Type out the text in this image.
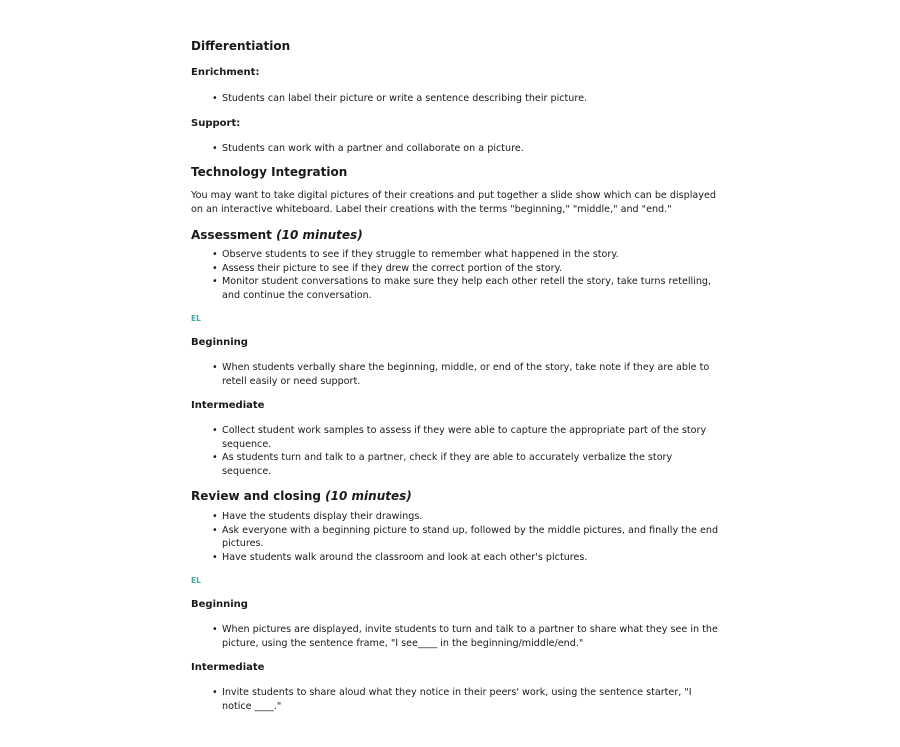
Differentiation
Enrichment:
• Students can label their picture or write a sentence describing their picture.
Support:
• Students can work with a partner and collaborate on a picture.
Technology Integration

You may want to take digital pictures of their creations and put together a slide show which can be displayed on an interactive whiteboard. Label their creations with the terms "beginning," "middle," and "end."

Assessment (10 minutes)
• Observe students to see if they struggle to remember what happened in the story.
• Assess their picture to see if they drew the correct portion of the story.
• Monitor student conversations to make sure they help each other retell the story, take turns retelling, and continue the conversation.
EL
Beginning
• When students verbally share the beginning, middle, or end of the story, take note if they are able to retell easily or need support.
Intermediate
• Collect student work samples to assess if they were able to capture the appropriate part of the story sequence.
• As students turn and talk to a partner, check if they are able to accurately verbalize the story sequence.
Review and closing (10 minutes)
• Have the students display their drawings.
• Ask everyone with a beginning picture to stand up, followed by the middle pictures, and finally the end pictures.
• Have students walk around the classroom and look at each other's pictures.
EL
Beginning
• When pictures are displayed, invite students to turn and talk to a partner to share what they see in the picture, using the sentence frame, "I see____ in the beginning/middle/end."
Intermediate
• Invite students to share aloud what they notice in their peers' work, using the sentence starter, "I notice ____."
